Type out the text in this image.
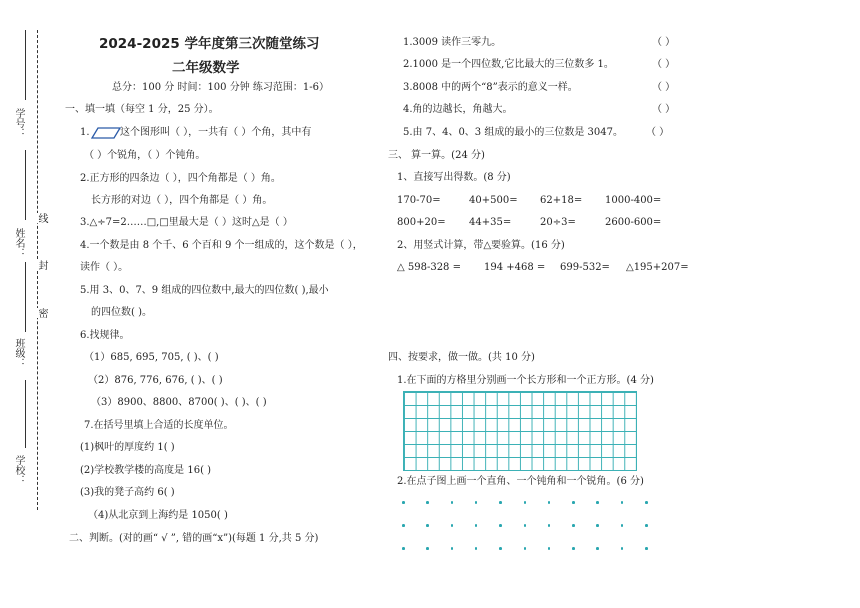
学号：
姓名：
班级：
学校：
线
封
密
2024-2025 学年度第三次随堂练习
二年级数学
总分：100 分 时间：100 分钟 练习范围：1-6）
一、填一填（每空 1 分，25 分）。
1.	这个图形叫（ ），一共有（ ）个角，其中有
（ ）个锐角，（ ）个钝角。
2.正方形的四条边（ ），四个角都是（ ）角。
长方形的对边（ ），四个角都是（ ）角。
3.△÷7=2……□,□里最大是（ ）这时△是（ ）
4.一个数是由 8 个千、6 个百和 9 个一组成的，这个数是（ ），
读作（ ）。
5.用 3、0、7、9 组成的四位数中,最大的四位数( ),最小
的四位数( )。
6.找规律。
（1）685, 695, 705, ( )、( )
（2）876, 776, 676, ( )、( )
（3）8900、8800、8700( )、( )、( )
7.在括号里填上合适的长度单位。
(1)枫叶的厚度约 1( )
(2)学校教学楼的高度是 16( )
(3)我的凳子高约 6( )
（4)从北京到上海约是 1050( )
二、判断。(对的画“ √ ”, 错的画“x”)(每题 1 分,共 5 分)
1.3009 读作三零九。	（ ）
2.1000 是一个四位数,它比最大的三位数多 1。	（ ）
3.8008 中的两个“8”表示的意义一样。	（ ）
4.角的边越长，角越大。	（ ）
5.由 7、4、0、3 组成的最小的三位数是 3047。 （ ）
三、 算一算。(24 分)
1、直接写出得数。(8 分)
170-70=	40+500= 62+18= 1000-400=
800+20= 44+35=	20÷3=	2600-600=
2、用竖式计算，带△要验算。(16 分)
△ 598-328 = 194 +468 = 699-532= △195+207=
四、按要求，做一做。(共 10 分)
1.在下面的方格里分别画一个长方形和一个正方形。(4 分)
2.在点子图上画一个直角、一个钝角和一个锐角。(6 分)
